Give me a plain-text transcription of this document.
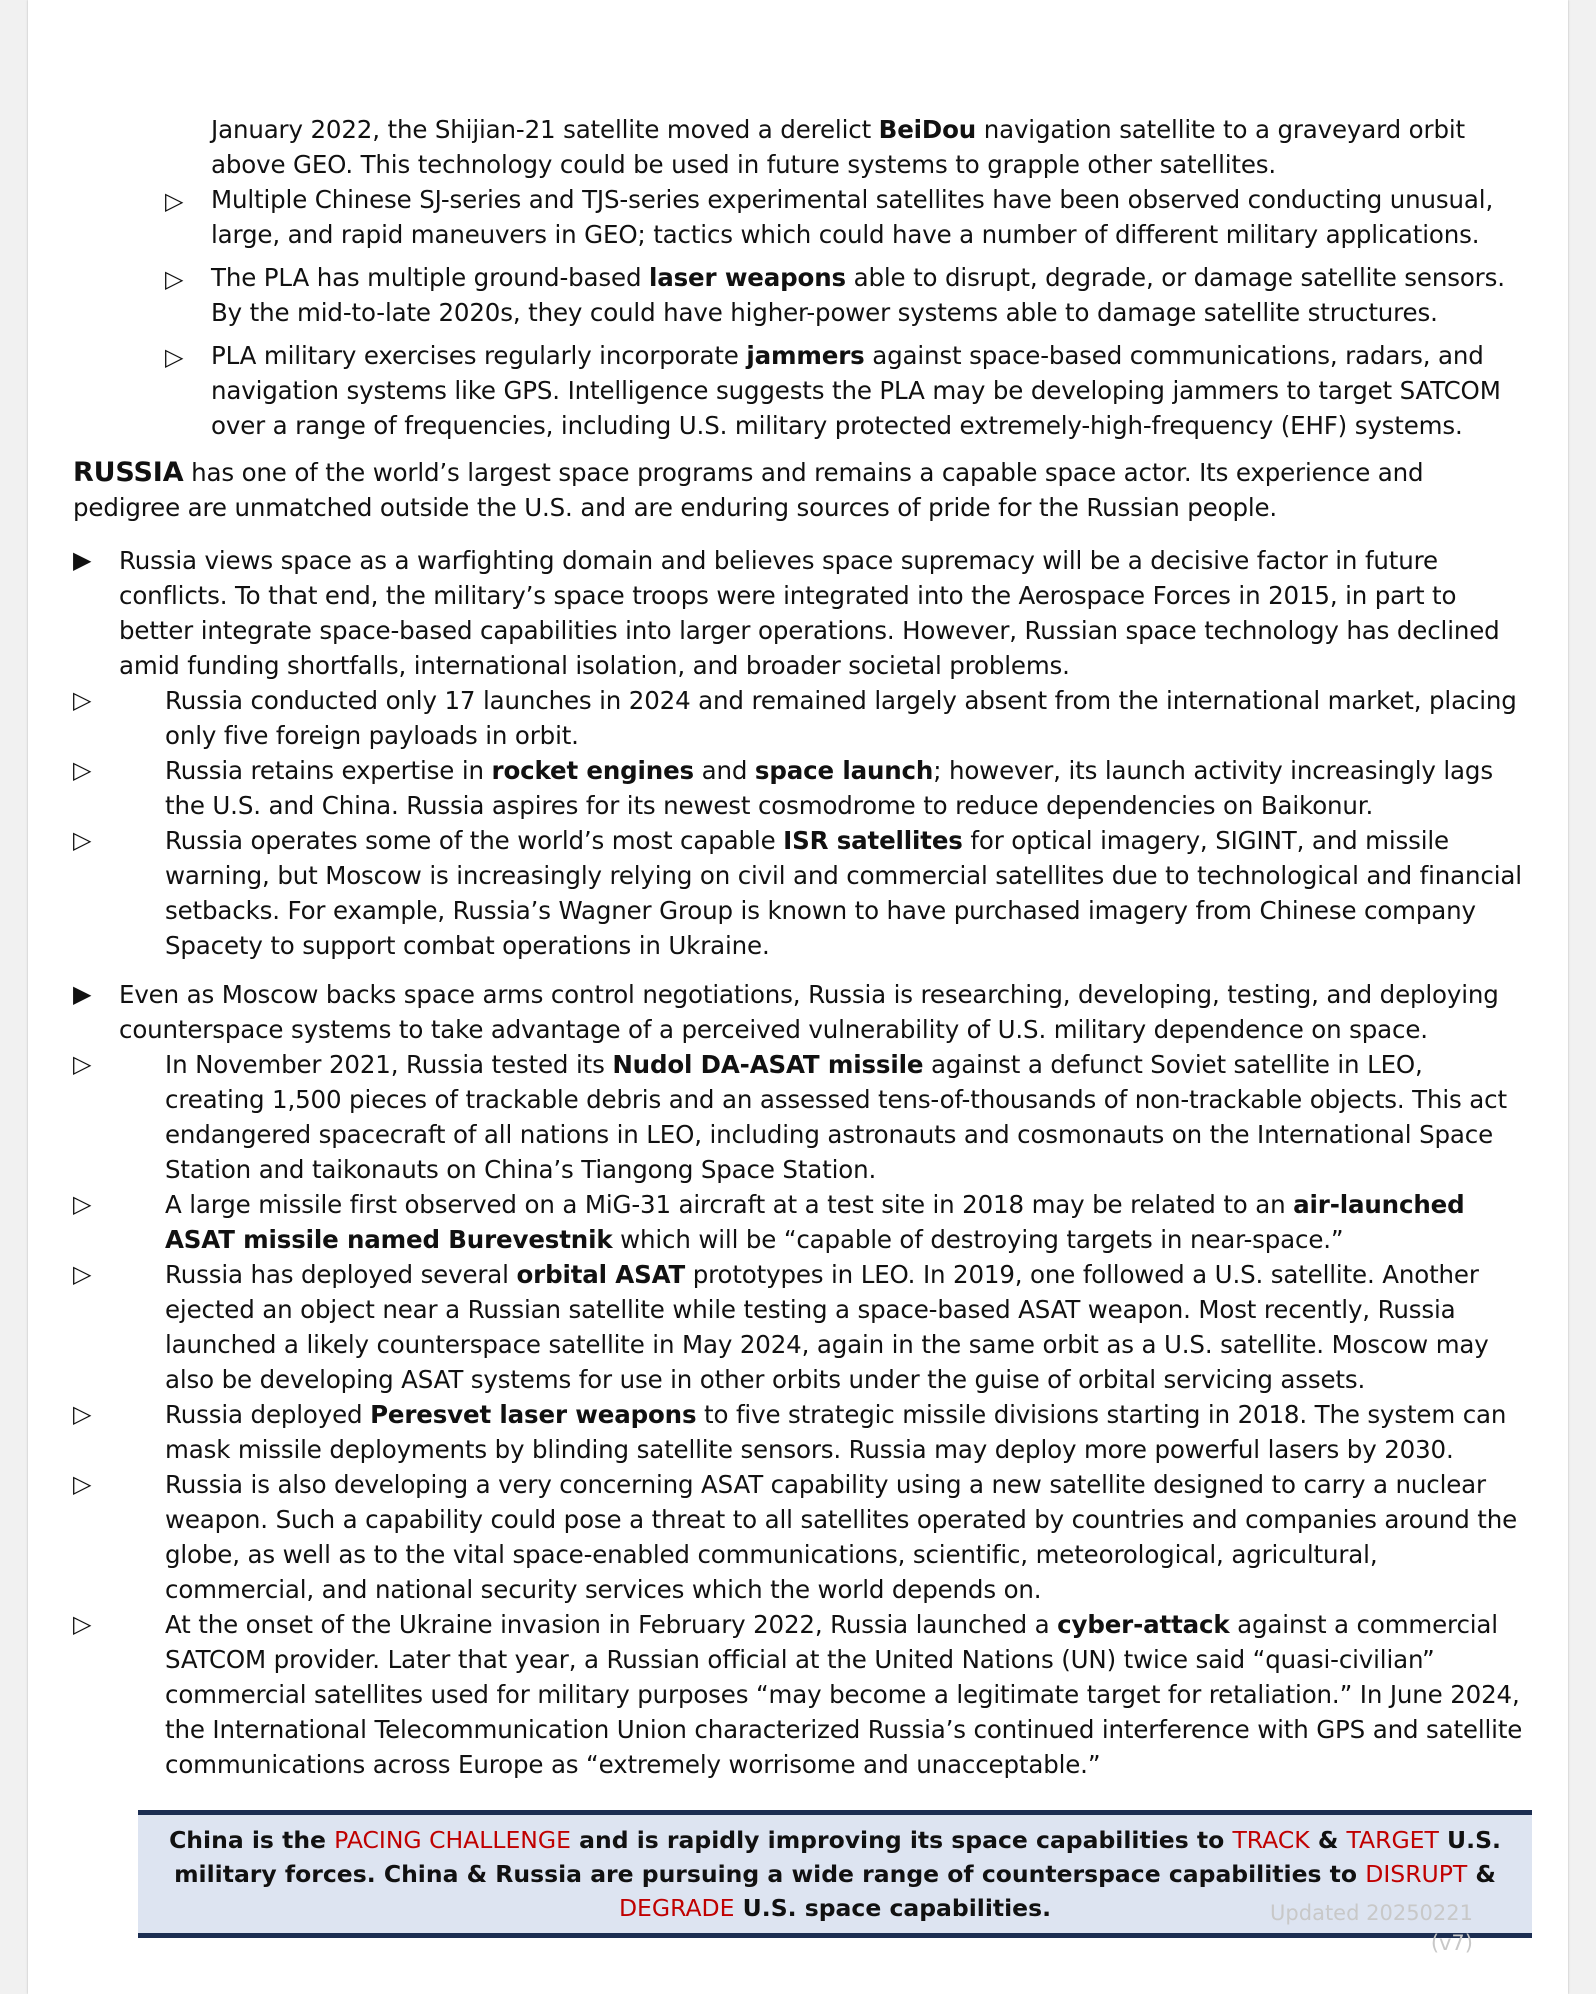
January 2022, the Shijian-21 satellite moved a derelict BeiDou navigation satellite to a graveyard orbit above GEO. This technology could be used in future systems to grapple other satellites.

▷ Multiple Chinese SJ-series and TJS-series experimental satellites have been observed conducting unusual, large, and rapid maneuvers in GEO; tactics which could have a number of different military applications.

▷ The PLA has multiple ground-based laser weapons able to disrupt, degrade, or damage satellite sensors. By the mid-to-late 2020s, they could have higher-power systems able to damage satellite structures.

▷ PLA military exercises regularly incorporate jammers against space-based communications, radars, and navigation systems like GPS. Intelligence suggests the PLA may be developing jammers to target SATCOM over a range of frequencies, including U.S. military protected extremely-high-frequency (EHF) systems.

RUSSIA has one of the world’s largest space programs and remains a capable space actor. Its experience and pedigree are unmatched outside the U.S. and are enduring sources of pride for the Russian people.

▶ Russia views space as a warfighting domain and believes space supremacy will be a decisive factor in future conflicts. To that end, the military’s space troops were integrated into the Aerospace Forces in 2015, in part to better integrate space-based capabilities into larger operations. However, Russian space technology has declined amid funding shortfalls, international isolation, and broader societal problems.

▷	Russia conducted only 17 launches in 2024 and remained largely absent from the international market, placing only five foreign payloads in orbit.

▷	Russia retains expertise in rocket engines and space launch; however, its launch activity increasingly lags the U.S. and China. Russia aspires for its newest cosmodrome to reduce dependencies on Baikonur.

▷	Russia operates some of the world’s most capable ISR satellites for optical imagery, SIGINT, and missile warning, but Moscow is increasingly relying on civil and commercial satellites due to technological and financial setbacks. For example, Russia’s Wagner Group is known to have purchased imagery from Chinese company Spacety to support combat operations in Ukraine.

▶ Even as Moscow backs space arms control negotiations, Russia is researching, developing, testing, and deploying counterspace systems to take advantage of a perceived vulnerability of U.S. military dependence on space.

▷	In November 2021, Russia tested its Nudol DA-ASAT missile against a defunct Soviet satellite in LEO, creating 1,500 pieces of trackable debris and an assessed tens-of-thousands of non-trackable objects. This act endangered spacecraft of all nations in LEO, including astronauts and cosmonauts on the International Space Station and taikonauts on China’s Tiangong Space Station.

▷	A large missile first observed on a MiG-31 aircraft at a test site in 2018 may be related to an air-launched ASAT missile named Burevestnik which will be “capable of destroying targets in near-space.”

▷	Russia has deployed several orbital ASAT prototypes in LEO. In 2019, one followed a U.S. satellite. Another ejected an object near a Russian satellite while testing a space-based ASAT weapon. Most recently, Russia launched a likely counterspace satellite in May 2024, again in the same orbit as a U.S. satellite. Moscow may also be developing ASAT systems for use in other orbits under the guise of orbital servicing assets.

▷	Russia deployed Peresvet laser weapons to five strategic missile divisions starting in 2018. The system can mask missile deployments by blinding satellite sensors. Russia may deploy more powerful lasers by 2030.

▷	Russia is also developing a very concerning ASAT capability using a new satellite designed to carry a nuclear weapon. Such a capability could pose a threat to all satellites operated by countries and companies around the globe, as well as to the vital space-enabled communications, scientific, meteorological, agricultural, commercial, and national security services which the world depends on.

▷	At the onset of the Ukraine invasion in February 2022, Russia launched a cyber-attack against a commercial SATCOM provider. Later that year, a Russian official at the United Nations (UN) twice said “quasi-civilian” commercial satellites used for military purposes “may become a legitimate target for retaliation.” In June 2024, the International Telecommunication Union characterized Russia’s continued interference with GPS and satellite communications across Europe as “extremely worrisome and unacceptable.”

China is the PACING CHALLENGE and is rapidly improving its space capabilities to TRACK & TARGET U.S. military forces. China & Russia are pursuing a wide range of counterspace capabilities to DISRUPT & DEGRADE U.S. space capabilities.	Updated 20250221
(v7)
